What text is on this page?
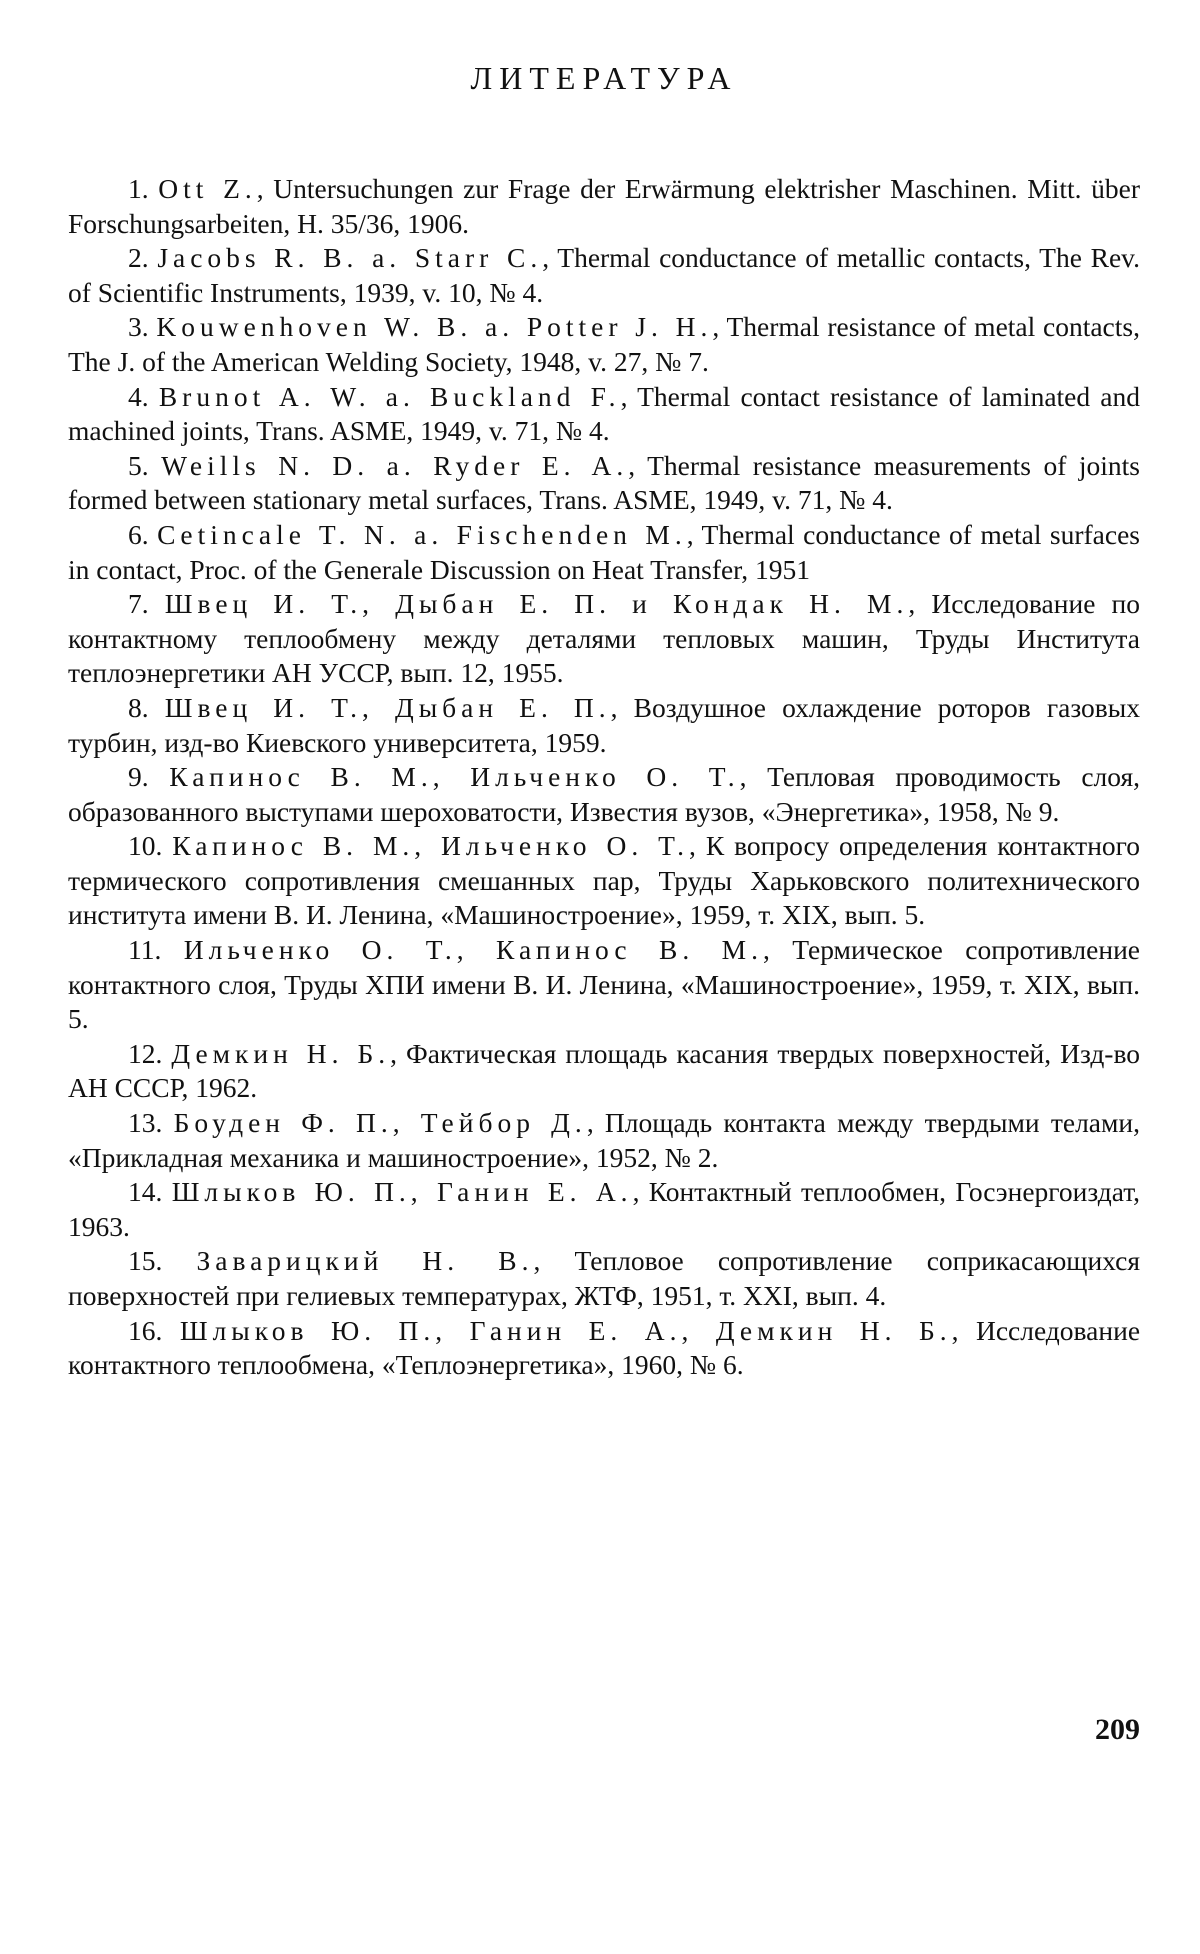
ЛИТЕРАТУРА

1. Ott Z., Untersuchungen zur Frage der Erwärmung elektrisher Maschinen. Mitt. über Forschungsarbeiten, H. 35/36, 1906.

2. Jacobs R. B. a. Starr C., Thermal conductance of metallic contacts, The Rev. of Scientific Instruments, 1939, v. 10, № 4.

3. Kouwenhoven W. B. a. Potter J. H., Thermal resistance of metal contacts, The J. of the American Welding Society, 1948, v. 27, № 7.

4. Brunot A. W. a. Buckland F., Thermal contact resistance of laminated and machined joints, Trans. ASME, 1949, v. 71, № 4.

5. Weills N. D. a. Ryder E. A., Thermal resistance measurements of joints formed between stationary metal surfaces, Trans. ASME, 1949, v. 71, № 4.

6. Cetinсale T. N. a. Fischenden M., Thermal conductance of metal surfaces in contact, Proc. of the Generale Discussion on Heat Transfer, 1951

7. Швец И. Т., Дыбан Е. П. и Кондак Н. М., Исследование по контактному теплообмену между деталями тепловых машин, Труды Института теплоэнергетики АН УССР, вып. 12, 1955.

8. Швец И. Т., Дыбан Е. П., Воздушное охлаждение роторов газовых турбин, изд-во Киевского университета, 1959.

9. Капинос В. М., Ильченко О. Т., Тепловая проводимость слоя, образованного выступами шероховатости, Известия вузов, «Энергетика», 1958, № 9.

10. Капинос В. М., Ильченко О. Т., К вопросу определения контактного термического сопротивления смешанных пар, Труды Харьковского политехнического института имени В. И. Ленина, «Машиностроение», 1959, т. XIX, вып. 5.

11. Ильченко О. Т., Капинос В. М., Термическое сопротивление контактного слоя, Труды ХПИ имени В. И. Ленина, «Машиностроение», 1959, т. XIX, вып. 5.

12. Демкин Н. Б., Фактическая площадь касания твердых поверхностей, Изд-во АН СССР, 1962.

13. Боуден Ф. П., Тейбор Д., Площадь контакта между твердыми телами, «Прикладная механика и машиностроение», 1952, № 2.

14. Шлыков Ю. П., Ганин Е. А., Контактный теплообмен, Госэнергоиздат, 1963.

15. Заварицкий Н. В., Тепловое сопротивление соприкасающихся поверхностей при гелиевых температурах, ЖТФ, 1951, т. XXI, вып. 4.

16. Шлыков Ю. П., Ганин Е. А., Демкин Н. Б., Исследование контактного теплообмена, «Теплоэнергетика», 1960, № 6.

209
